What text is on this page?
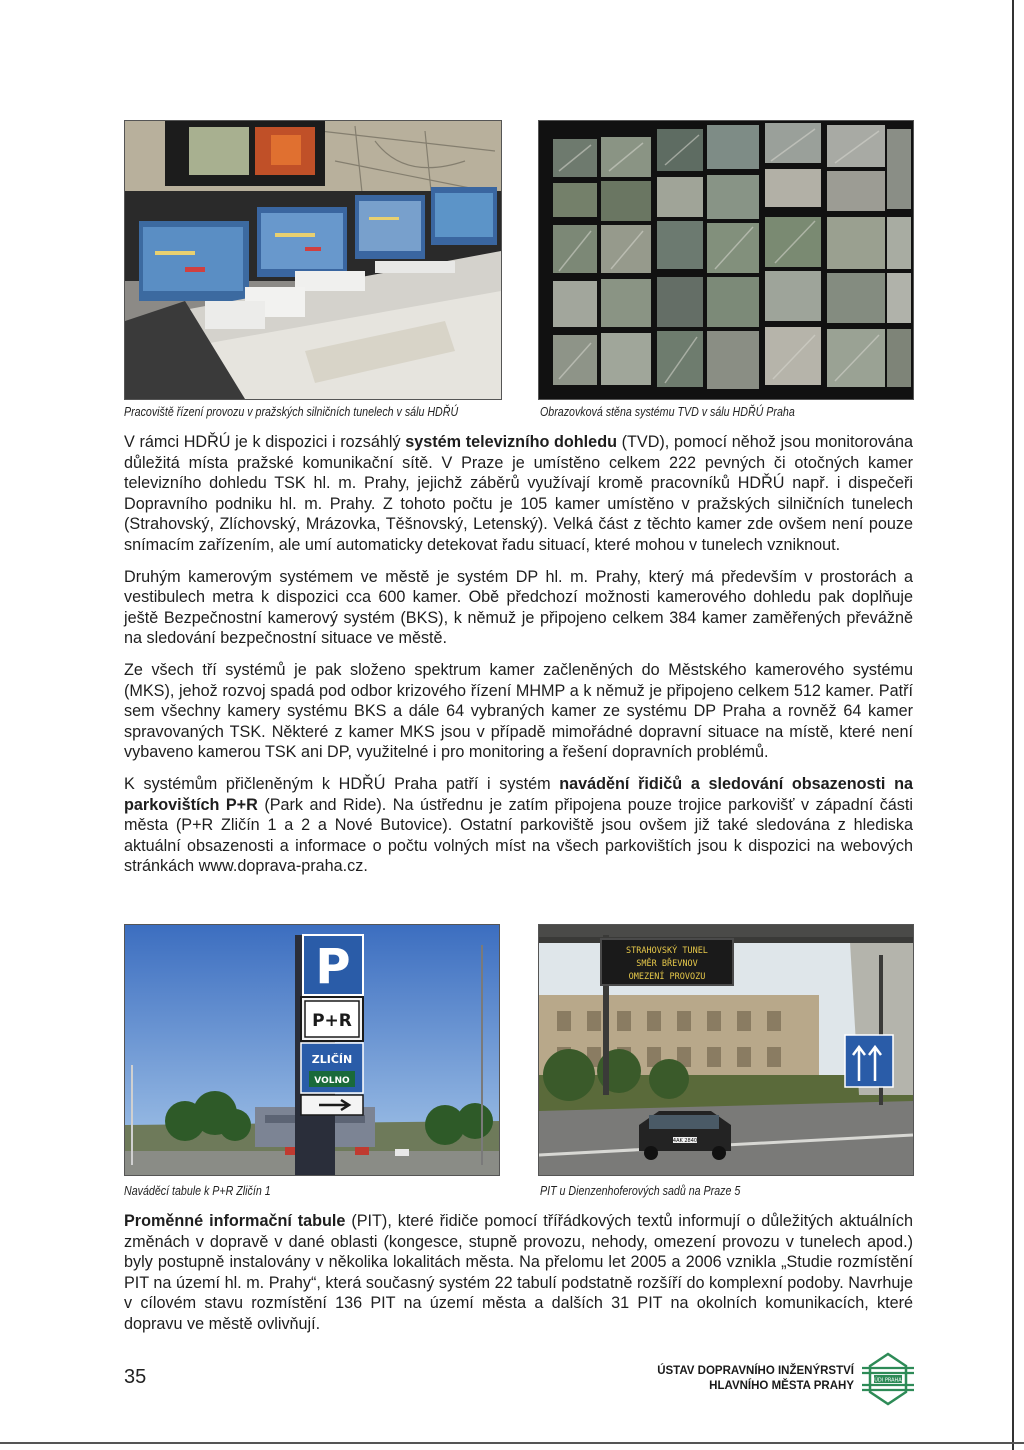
Pracoviště řízení provozu v pražských silničních tunelech v sálu HDŘÚ	Obrazovková stěna systému TVD v sálu HDŘÚ Praha

V rámci HDŘÚ je k dispozici i rozsáhlý systém televizního dohledu (TVD), pomocí něhož jsou monitorována důležitá místa pražské komunikační sítě. V Praze je umístěno celkem 222 pevných či otočných kamer televizního dohledu TSK hl. m. Prahy, jejichž záběrů využívají kromě pracovníků HDŘÚ např. i dispečeři Dopravního podniku hl. m. Prahy. Z tohoto počtu je 105 kamer umístěno v pražských silničních tunelech (Strahovský, Zlíchovský, Mrázovka, Těšnovský, Letenský). Velká část z těchto kamer zde ovšem není pouze snímacím zařízením, ale umí automaticky detekovat řadu situací, které mohou v tunelech vzniknout.

Druhým kamerovým systémem ve městě je systém DP hl. m. Prahy, který má především v prostorách a vestibulech metra k dispozici cca 600 kamer. Obě předchozí možnosti kamerového dohledu pak doplňuje ještě Bezpečnostní kamerový systém (BKS), k němuž je připojeno celkem 384 kamer zaměřených převážně na sledování bezpečnostní situace ve městě.

Ze všech tří systémů je pak složeno spektrum kamer začleněných do Městského kamerového systému (MKS), jehož rozvoj spadá pod odbor krizového řízení MHMP a k němuž je připojeno celkem 512 kamer. Patří sem všechny kamery systému BKS a dále 64 vybraných kamer ze systému DP Praha a rovněž 64 kamer spravovaných TSK. Některé z kamer MKS jsou v případě mimořádné dopravní situace na místě, které není vybaveno kamerou TSK ani DP, využitelné i pro monitoring a řešení dopravních problémů.

K systémům přičleněným k HDŘÚ Praha patří i systém navádění řidičů a sledování obsazenosti na parkovištích P+R (Park and Ride). Na ústřednu je zatím připojena pouze trojice parkovišť v západní části města (P+R Zličín 1 a 2 a Nové Butovice). Ostatní parkoviště jsou ovšem již také sledována z hlediska aktuální obsazenosti a informace o počtu volných míst na všech parkovištích jsou k dispozici na webových stránkách www.doprava-praha.cz.

P
P+R
ZLIČÍN
VOLNO
Naváděcí tabule k P+R Zličín 1
STRAHOVSKÝ TUNEL
SMĚR BŘEVNOV
OMEZENÍ PROVOZU
4AK 2840
PIT u Dienzenhoferových sadů na Praze 5

Proměnné informační tabule (PIT), které řidiče pomocí třířádkových textů informují o důležitých aktuálních změnách v dopravě v dané oblasti (kongesce, stupně provozu, nehody, omezení provozu v tunelech apod.) byly postupně instalovány v několika lokalitách města. Na přelomu let 2005 a 2006 vznikla „Studie rozmístění PIT na území hl. m. Prahy“, která současný systém 22 tabulí podstatně rozšíří do komplexní podoby. Navrhuje v cílovém stavu rozmístění 136 PIT na území města a dalších 31 PIT na okolních komunikacích, které dopravu ve městě ovlivňují.

35	ÚSTAV DOPRAVNÍHO INŽENÝRSTVÍ
HLAVNÍHO MĚSTA PRAHY	ÚDI PRAHA
